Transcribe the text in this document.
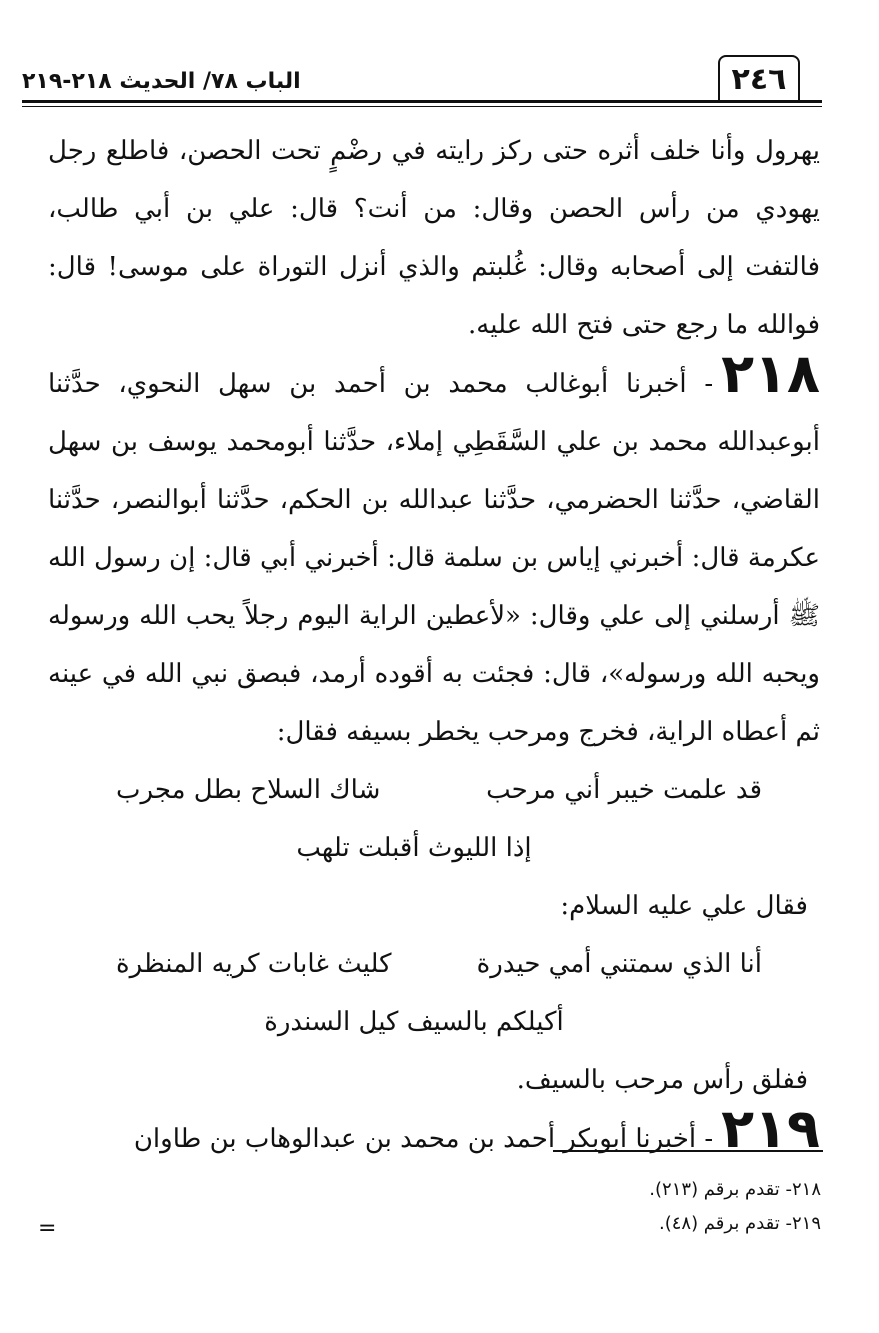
٢٤٦
الباب ٧٨/ الحديث ٢١٨-٢١٩

يهرول وأنا خلف أثره حتى ركز رايته في رضْمٍ تحت الحصن، فاطلع رجل يهودي من رأس الحصن وقال: من أنت؟ قال: علي بن أبي طالب، فالتفت إلى أصحابه وقال: غُلبتم والذي أنزل التوراة على موسى! قال: فوالله ما رجع حتى فتح الله عليه.

٢١٨- أخبرنا أبوغالب محمد بن أحمد بن سهل النحوي، حدَّثنا أبوعبدالله محمد بن علي السَّقَطِي إملاء، حدَّثنا أبومحمد يوسف بن سهل القاضي، حدَّثنا الحضرمي، حدَّثنا عبدالله بن الحكم، حدَّثنا أبوالنصر، حدَّثنا عكرمة قال: أخبرني إياس بن سلمة قال: أخبرني أبي قال: إن رسول الله ﷺ أرسلني إلى علي وقال: «لأعطين الراية اليوم رجلاً يحب الله ورسوله ويحبه الله ورسوله»، قال: فجئت به أقوده أرمد، فبصق نبي الله في عينه ثم أعطاه الراية، فخرج ومرحب يخطر بسيفه فقال:

قد علمت خيبر أني مرحب
شاك السلاح بطل مجرب
إذا الليوث أقبلت تلهب

فقال علي عليه السلام:

أنا الذي سمتني أمي حيدرة
كليث غابات كريه المنظرة
أكيلكم بالسيف كيل السندرة

ففلق رأس مرحب بالسيف.

٢١٩- أخبرنا أبوبكر أحمد بن محمد بن عبدالوهاب بن طاوان

٢١٨- تقدم برقم (٢١٣).

٢١٩- تقدم برقم (٤٨).

=
